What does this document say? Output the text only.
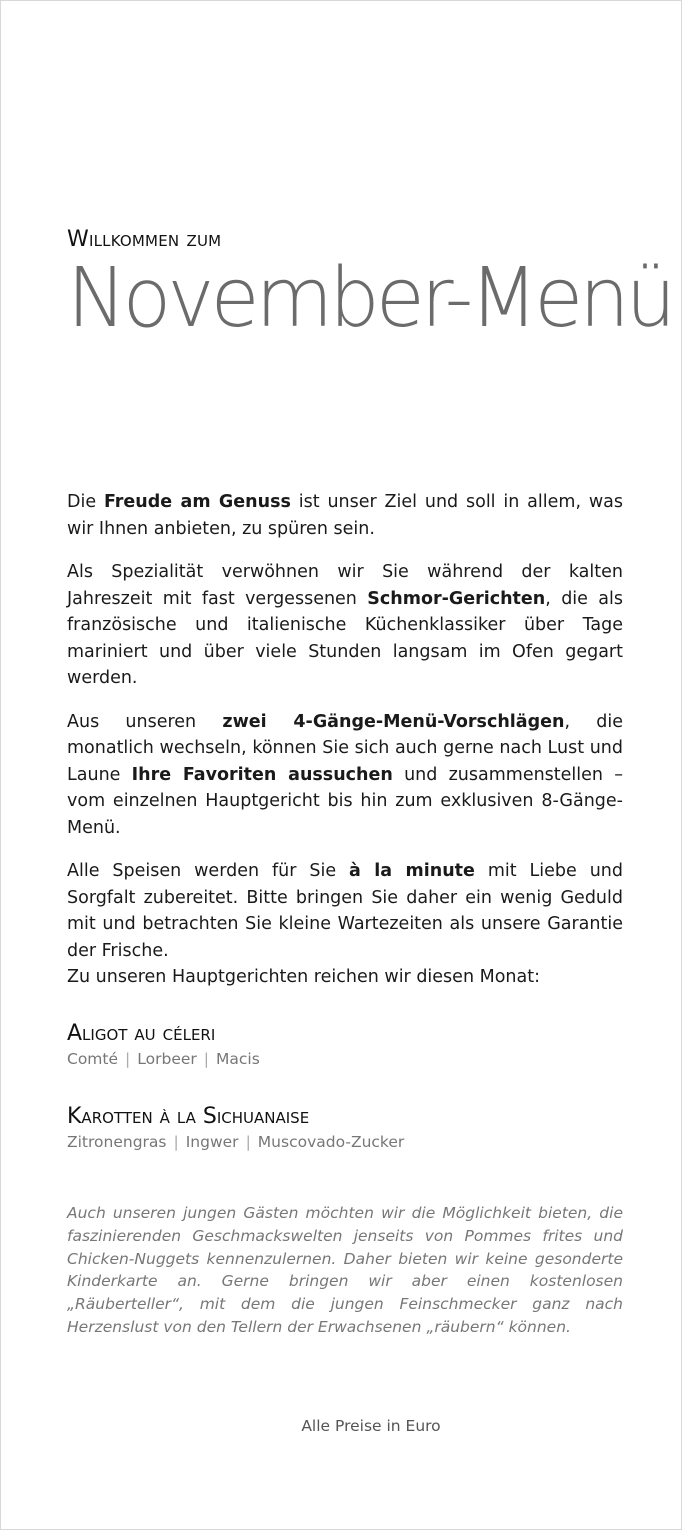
Willkommen zum
November-Menü

Die Freude am Genuss ist unser Ziel und soll in allem, was wir Ihnen anbieten, zu spüren sein.

Als Spezialität verwöhnen wir Sie während der kalten Jahreszeit mit fast vergessenen Schmor-Gerichten, die als französische und italienische Küchenklassiker über Tage mariniert und über viele Stunden langsam im Ofen gegart werden.

Aus unseren zwei 4-Gänge-Menü-Vorschlägen, die monatlich wechseln, können Sie sich auch gerne nach Lust und Laune Ihre Favoriten aussuchen und zusammenstellen – vom einzelnen Hauptgericht bis hin zum exklusiven 8-Gänge-Menü.

Alle Speisen werden für Sie à la minute mit Liebe und Sorgfalt zubereitet. Bitte bringen Sie daher ein wenig Geduld mit und betrachten Sie kleine Wartezeiten als unsere Garantie der Frische.

Zu unseren Hauptgerichten reichen wir diesen Monat:
Aligot au céleri
Comté | Lorbeer | Macis
Karotten à la Sichuanaise
Zitronengras | Ingwer | Muscovado-Zucker
Auch unseren jungen Gästen möchten wir die Möglichkeit bieten, die faszinierenden Geschmackswelten jenseits von Pommes frites und Chicken-Nuggets kennenzulernen. Daher bieten wir keine gesonderte Kinderkarte an. Gerne bringen wir aber einen kostenlosen „Räuberteller“, mit dem die jungen Feinschmecker ganz nach Herzenslust von den Tellern der Erwachsenen „räubern“ können.
Alle Preise in Euro
